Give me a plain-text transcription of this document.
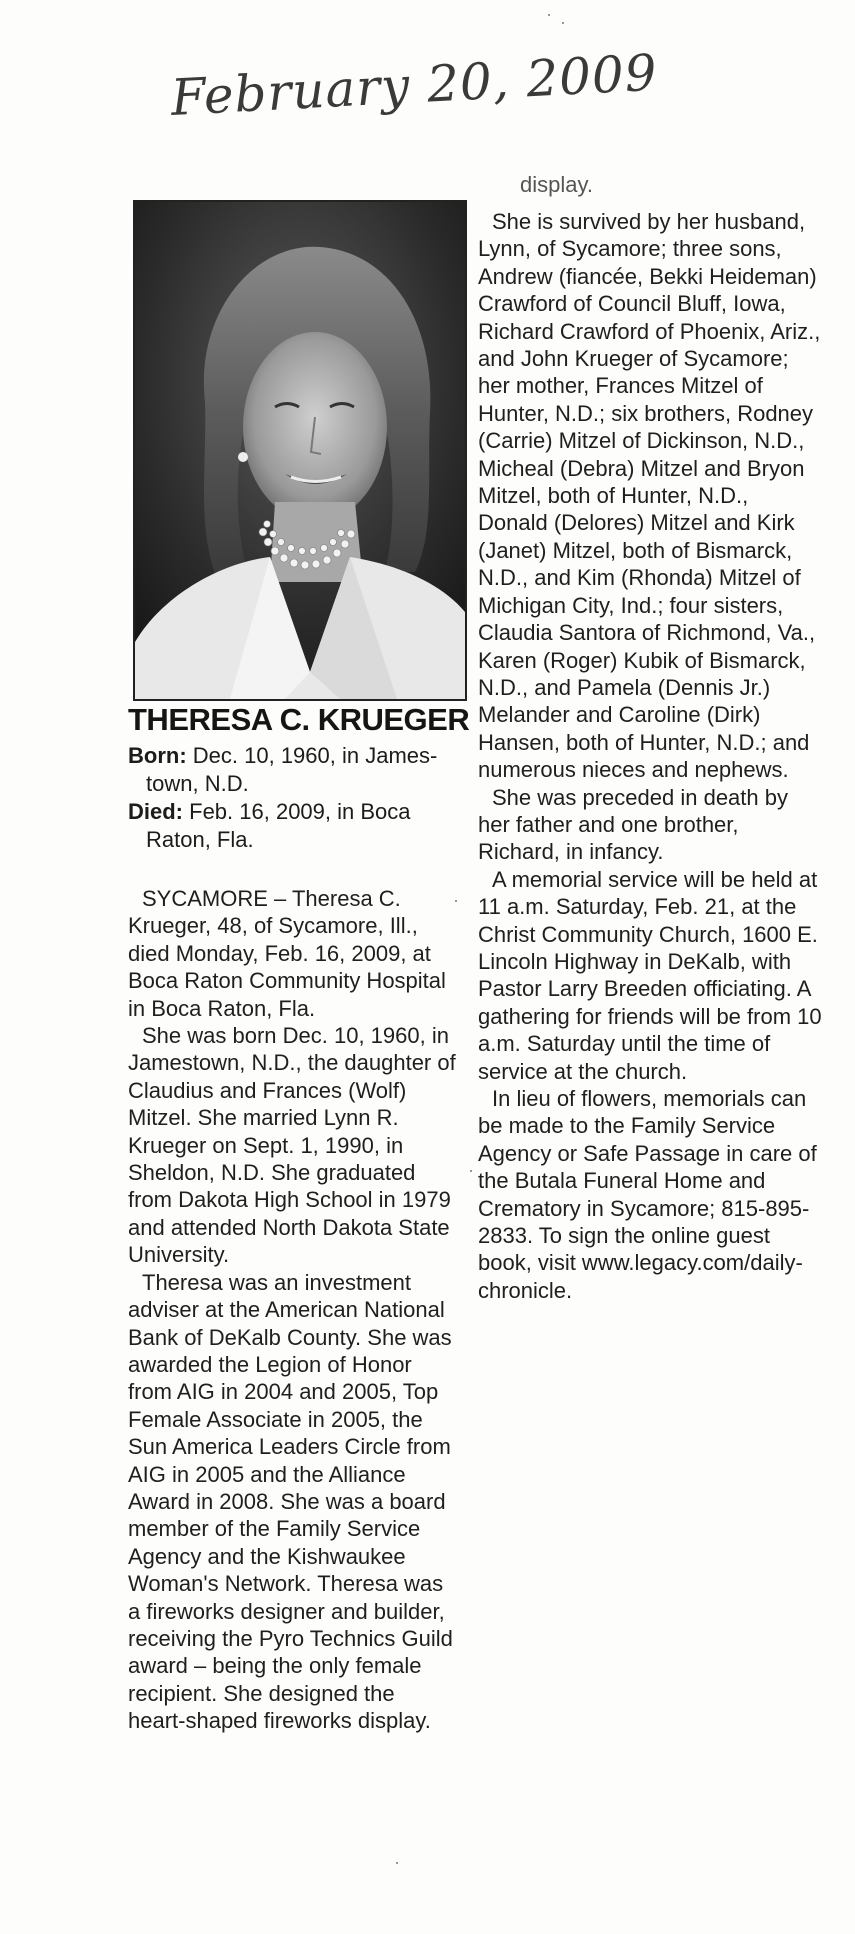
February 20, 2009
display.
THERESA C. KRUEGER
Born: Dec. 10, 1960, in James-
town, N.D.
Died: Feb. 16, 2009, in Boca
Raton, Fla.

SYCAMORE – Theresa C. Krueger, 48, of Sycamore, Ill., died Monday, Feb. 16, 2009, at Boca Raton Community Hospital in Boca Raton, Fla.

She was born Dec. 10, 1960, in Jamestown, N.D., the daughter of Claudius and Frances (Wolf) Mitzel. She married Lynn R. Krueger on Sept. 1, 1990, in Sheldon, N.D. She graduated from Dakota High School in 1979 and attended North Dakota State University.

Theresa was an investment adviser at the American National Bank of DeKalb County. She was awarded the Legion of Honor from AIG in 2004 and 2005, Top Female Associate in 2005, the Sun America Leaders Circle from AIG in 2005 and the Alliance Award in 2008. She was a board member of the Family Service Agency and the Kishwaukee Woman's Network. Theresa was a fireworks designer and builder, receiving the Pyro Technics Guild award – being the only female recipient. She designed the heart-shaped fireworks display.

She is survived by her husband, Lynn, of Sycamore; three sons, Andrew (fiancée, Bekki Heideman) Crawford of Council Bluff, Iowa, Richard Crawford of Phoenix, Ariz., and John Krueger of Sycamore; her mother, Frances Mitzel of Hunter, N.D.; six brothers, Rodney (Carrie) Mitzel of Dickinson, N.D., Micheal (Debra) Mitzel and Bryon Mitzel, both of Hunter, N.D., Donald (Delores) Mitzel and Kirk (Janet) Mitzel, both of Bismarck, N.D., and Kim (Rhonda) Mitzel of Michigan City, Ind.; four sisters, Claudia Santora of Richmond, Va., Karen (Roger) Kubik of Bismarck, N.D., and Pamela (Dennis Jr.) Melander and Caroline (Dirk) Hansen, both of Hunter, N.D.; and numerous nieces and nephews.

She was preceded in death by her father and one brother, Richard, in infancy.

A memorial service will be held at 11 a.m. Saturday, Feb. 21, at the Christ Community Church, 1600 E. Lincoln Highway in DeKalb, with Pastor Larry Breeden officiating. A gathering for friends will be from 10 a.m. Saturday until the time of service at the church.

In lieu of flowers, memorials can be made to the Family Service Agency or Safe Passage in care of the Butala Funeral Home and Crematory in Sycamore; 815-895-2833. To sign the online guest book, visit www.legacy.com/daily-chronicle.
